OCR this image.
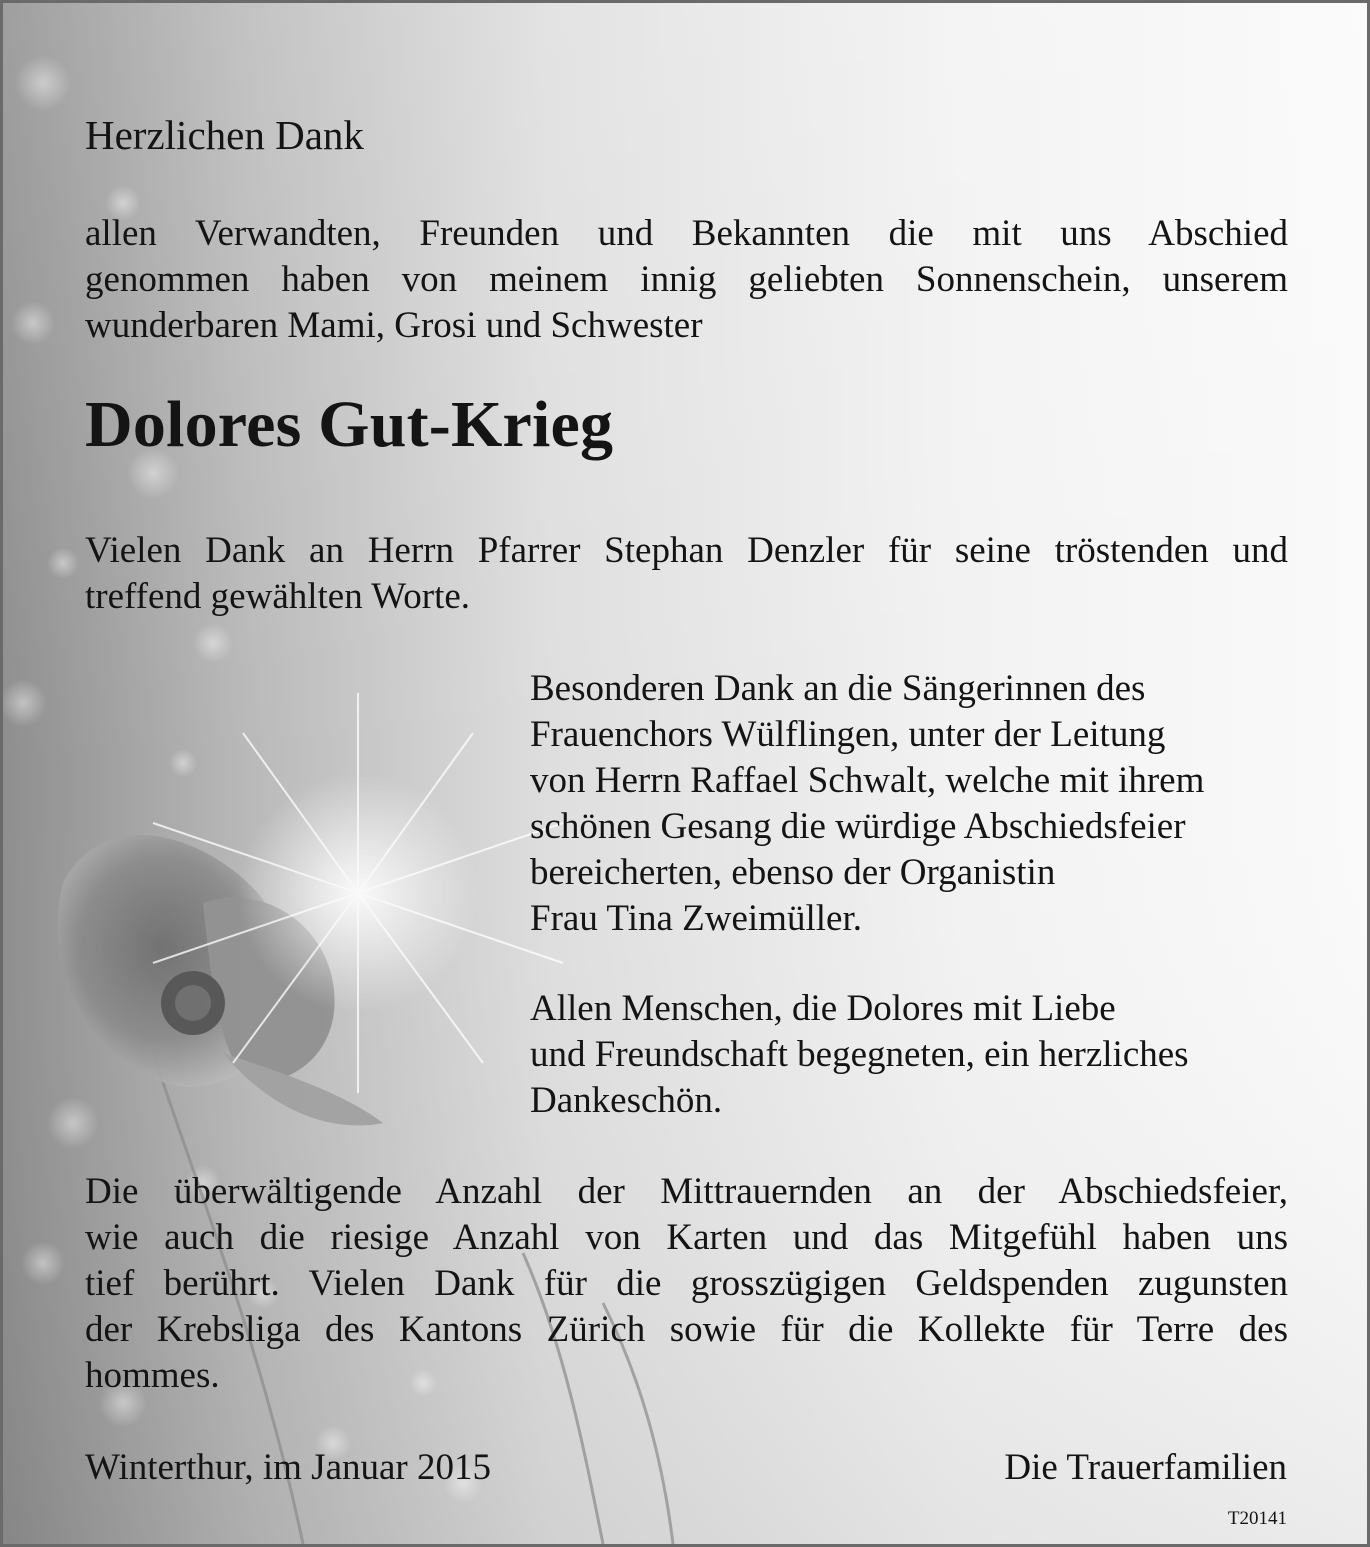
Herzlichen Dank

allen Verwandten, Freunden und Bekannten die mit uns Abschied
genommen haben von meinem innig geliebten Sonnenschein, unserem
wunderbaren Mami, Grosi und Schwester

Dolores Gut-Krieg

Vielen Dank an Herrn Pfarrer Stephan Denzler für seine tröstenden und
treffend gewählten Worte.
Besonderen Dank an die Sängerinnen des
Frauenchors Wülflingen, unter der Leitung
von Herrn Raffael Schwalt, welche mit ihrem
schönen Gesang die würdige Abschiedsfeier
bereicherten, ebenso der Organistin
Frau Tina Zweimüller.
Allen Menschen, die Dolores mit Liebe
und Freundschaft begegneten, ein herzliches
Dankeschön.
Die überwältigende Anzahl der Mittrauernden an der Abschiedsfeier,
wie auch die riesige Anzahl von Karten und das Mitgefühl haben uns
tief berührt. Vielen Dank für die grosszügigen Geldspenden zugunsten
der Krebsliga des Kantons Zürich sowie für die Kollekte für Terre des
hommes.

Winterthur, im Januar 2015	Die Trauerfamilien

T20141
